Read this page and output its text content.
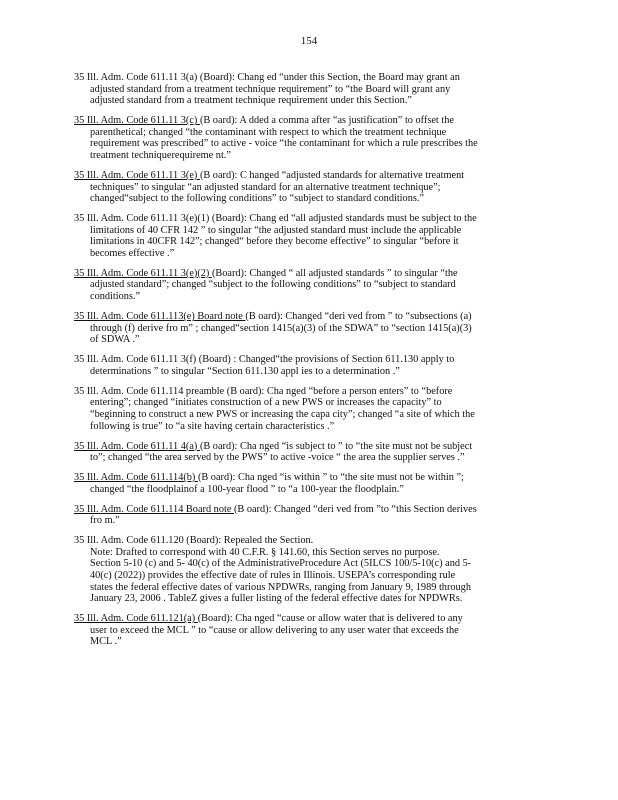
154
35 Ill. Adm. Code 611.11 3(a) (Board): Chang ed “under this Section, the Board may grant an
adjusted standard from a treatment technique requirement” to “the Board will grant any
adjusted standard from a treatment technique requirement under this Section.”
35 Ill. Adm. Code 611.11 3(c) (B oard): A dded a comma after “as justification” to offset the
parenthetical; changed “the contaminant with respect to which the treatment technique
requirement was prescribed” to active - voice “the contaminant for which a rule prescribes the
treatment techniquerequireme nt.”
35 Ill. Adm. Code 611.11 3(e) (B oard): C hanged “adjusted standards for alternative treatment
techniques” to singular “an adjusted standard for an alternative treatment technique”;
changed“subject to the following conditions” to “subject to standard conditions.”
35 Ill. Adm. Code 611.11 3(e)(1) (Board): Chang ed “all adjusted standards must be subject to the
limitations of 40 CFR 142 ” to singular “the adjusted standard must include the applicable
limitations in 40CFR 142”; changed“ before they become effective” to singular “before it
becomes effective .”
35 Ill. Adm. Code 611.11 3(e)(2) (Board): Changed “ all adjusted standards ” to singular “the
adjusted standard”; changed “subject to the following conditions” to “subject to standard
conditions.”
35 Ill. Adm. Code 611.113(e) Board note (B oard): Changed “deri ved from ” to “subsections (a)
through (f) derive fro m” ; changed“section 1415(a)(3) of the SDWA” to “section 1415(a)(3)
of SDWA .”
35 Ill. Adm. Code 611.11 3(f) (Board) : Changed“the provisions of Section 611.130 apply to
determinations ” to singular “Section 611.130 appl ies to a determination .”
35 Ill. Adm. Code 611.114 preamble (B oard): Cha nged “before a person enters” to “before
entering”; changed “initiates construction of a new PWS or increases the capacity” to
“beginning to construct a new PWS or increasing the capa city”; changed “a site of which the
following is true” to “a site having certain characteristics .”
35 Ill. Adm. Code 611.11 4(a) (B oard): Cha nged “is subject to ” to “the site must not be subject
to”; changed “the area served by the PWS” to active -voice “ the area the supplier serves .”
35 Ill. Adm. Code 611.114(b) (B oard): Cha nged “is within ” to “the site must not be within ”;
changed “the floodplainof a 100-year flood ” to “a 100-year the floodplain.”
35 Ill. Adm. Code 611.114 Board note (B oard): Changed “deri ved from ”to “this Section derives
fro m.”
35 Ill. Adm. Code 611.120 (Board): Repealed the Section.
Note: Drafted to correspond with 40 C.F.R. § 141.60, this Section serves no purpose.
Section 5-10 (c) and 5- 40(c) of the AdministrativeProcedure Act (5ILCS 100/5-10(c) and 5-
40(c) (2022)) provides the effective date of rules in Illinois. USEPA’s corresponding rule
states the federal effective dates of various NPDWRs, ranging from January 9, 1989 through
January 23, 2006 . TableZ gives a fuller listing of the federal effective dates for NPDWRs.
35 Ill. Adm. Code 611.121(a) (Board): Cha nged “cause or allow water that is delivered to any
user to exceed the MCL ” to “cause or allow delivering to any user water that exceeds the
MCL .”
